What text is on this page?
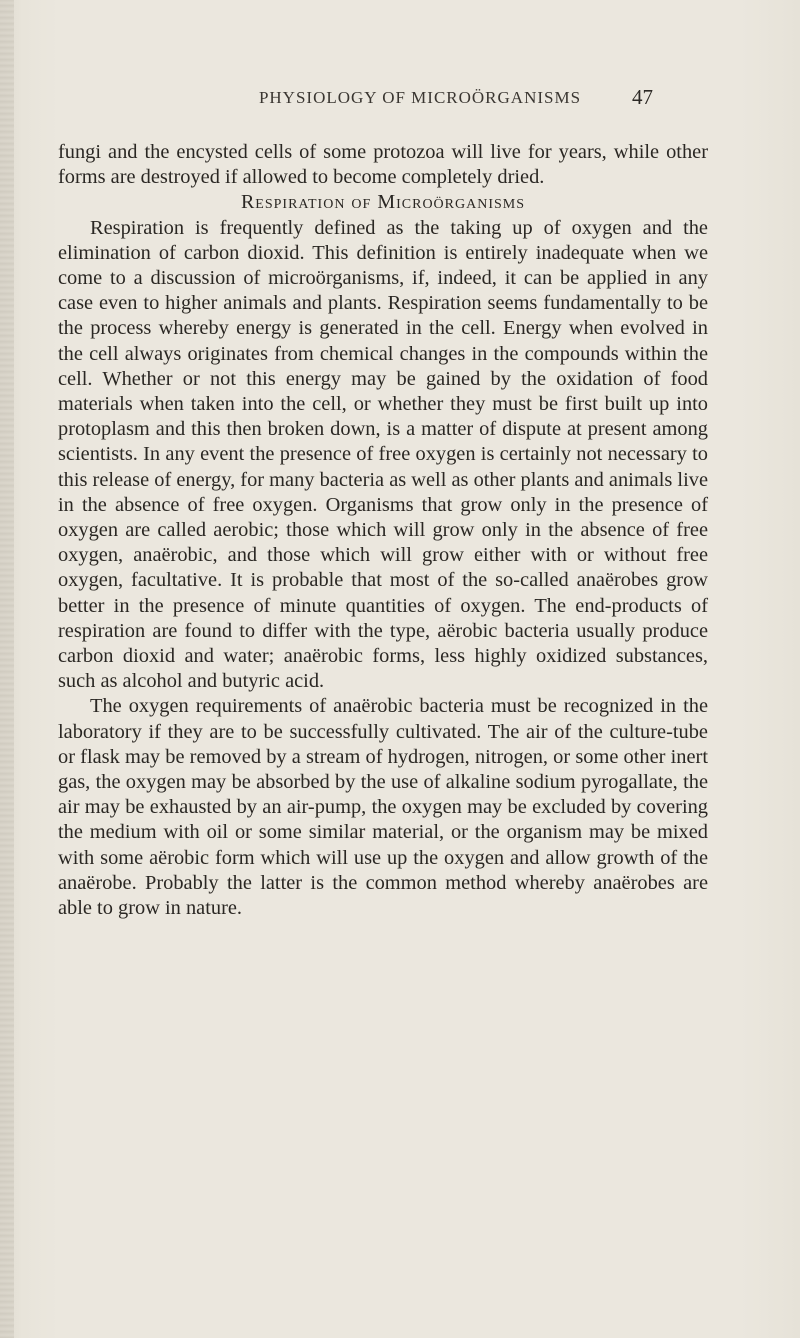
PHYSIOLOGY OF MICROÖRGANISMS	47

fungi and the encysted cells of some protozoa will live for years, while other forms are destroyed if allowed to become completely dried.

Respiration of Microörganisms

Respiration is frequently defined as the taking up of oxygen and the elimination of carbon dioxid. This definition is entirely inadequate when we come to a discussion of microörganisms, if, indeed, it can be applied in any case even to higher animals and plants. Respiration seems fundamentally to be the process whereby energy is generated in the cell. Energy when evolved in the cell always originates from chemical changes in the compounds within the cell. Whether or not this energy may be gained by the oxidation of food materials when taken into the cell, or whether they must be first built up into protoplasm and this then broken down, is a matter of dispute at present among scientists. In any event the presence of free oxygen is certainly not necessary to this release of energy, for many bacteria as well as other plants and animals live in the absence of free oxygen. Organisms that grow only in the presence of oxygen are called aerobic; those which will grow only in the absence of free oxygen, anaërobic, and those which will grow either with or without free oxygen, facultative. It is probable that most of the so-called anaërobes grow better in the presence of minute quantities of oxygen. The end-products of respiration are found to differ with the type, aërobic bacteria usually produce carbon dioxid and water; anaërobic forms, less highly oxidized substances, such as alcohol and butyric acid.

The oxygen requirements of anaërobic bacteria must be recognized in the laboratory if they are to be successfully cultivated. The air of the culture-tube or flask may be removed by a stream of hydrogen, nitrogen, or some other inert gas, the oxygen may be absorbed by the use of alkaline sodium pyrogallate, the air may be exhausted by an air-pump, the oxygen may be excluded by covering the medium with oil or some similar material, or the organism may be mixed with some aërobic form which will use up the oxygen and allow growth of the anaërobe. Probably the latter is the common method whereby anaërobes are able to grow in nature.
